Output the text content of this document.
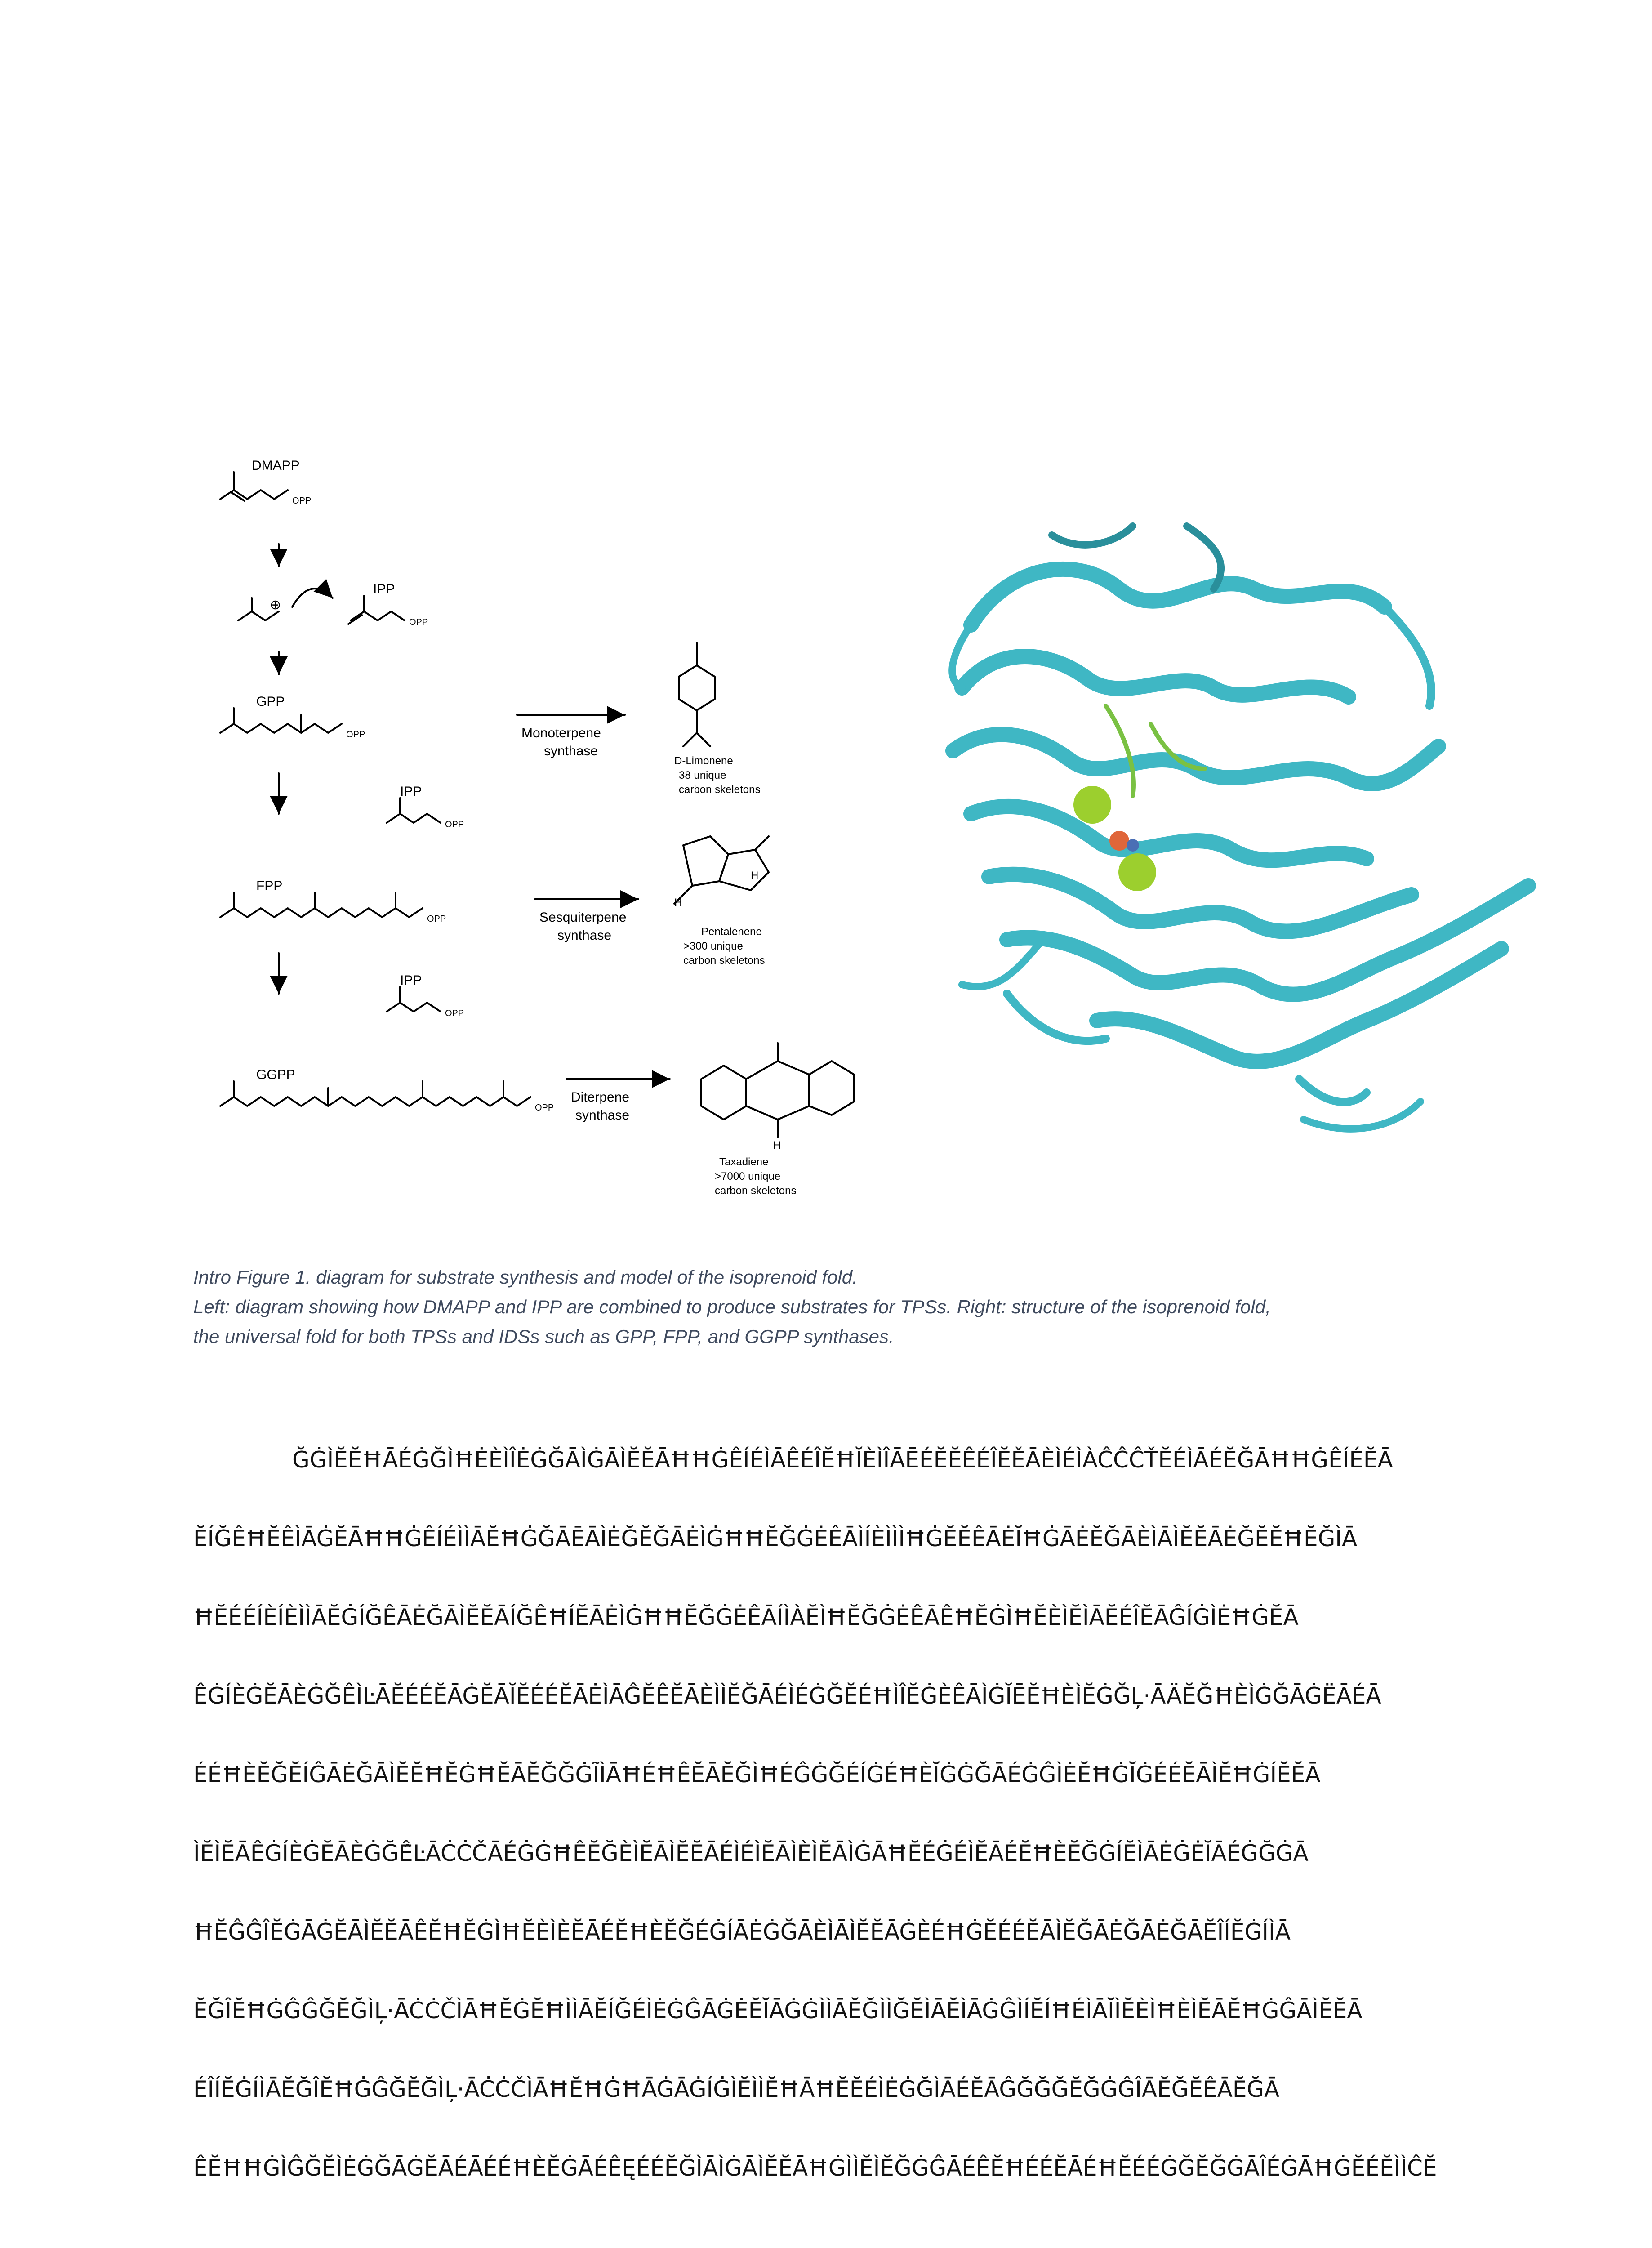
DMAPP
OPP
⊕
IPP
OPP
GPP
OPP	Monoterpene
synthase
D-Limonene
38 unique
carbon skeletons
IPP
OPP
FPP
OPP	Sesquiterpene
synthase
H
H
Pentalenene
>300 unique
carbon skeletons
IPP
OPP
GGPP
OPP
Diterpene
synthase
H
Taxadiene
>7000 unique
carbon skeletons
Intro Figure 1. diagram for substrate synthesis and model of the isoprenoid fold.
Left: diagram showing how DMAPP and IPP are combined to produce substrates for TPSs. Right: structure of the isoprenoid fold,
the universal fold for both TPSs and IDSs such as GPP, FPP, and GGPP synthases.
ĞĠÌĔĔĦĀÉĠĞÌĦĖÈÌÎĖĠĞĀÌĠĀÌĔĔĀĦĦĠÊÍÉÌĀÊÉÎĔĦĬÈÌÎĀĒÉĔĔÊÉÎĔĚĀÈÌÉÌÀĈĈĈŤĔÉÌĀÉĔĞĀĦĦĠÊÍÉĔĀ
ĔÍĞÊĦĔÊÌĀĠĔĀĦĦĠÊÍÉÌÌĀĔĦĠĞĀĒĀÌĖĞĔĞĀĖÌĠĦĦĔĞĠĖÊĀÌÍÈÌÌÌĦĠĔĔÊĀĖĬĦĠĀĖĔĞĀÈÌĀÌĔĔĀĖĞĔĔĦĔĞÌĀ
ĦĔÉÉÍÈÍÈÌÌĀĔĠÍĞÊĀĖĞĀÌĔĔĀÍĞÊĦÍĔĀĖÌĠĦĦĔĞĠĖÊĀÍÌÀĔÌĦĔĞĠĖÊĀÊĦĔĠÌĦĔÈÌĔÌĀĔÉÎĔĀĜÍĠÌĖĦĠĔĀ
ÊĠÍÈĠĔĀÈĠĞÊÌĿĀĔÉÉĔĀĠĔĀĬĔÉÉĔĀĖÌĀĜĔÊĔĀÈÌÌĔĞĀÉÌÉĠĞĔÉĦÌÎĔĠÈÊĀÌĠĬĒĔĦÈÌĔĠĞĻ·ĀÄĔĞĦÈÌĠĞĀĠËĀÉĀ
ÉÉĦÈĔĞĔÍĜĀĖĞĀÌĔĔĦĔĠĦĔĀĔĞĞĠĨÌĀĦÉĦÊĔĀĔĞÌĦÉĜĠĞÉÍĠÉĦÈĬĠĠĞĀÉĠĜÌĖĔĦĠĬĠÉÉĔĀÌĔĦĠÍĔĔĀ
ÌĔÌĔĀÊĠÍÈĠĔĀÈĠĞÊ̂ĿĀĊĊČĀÉĠĠĦÊĔĞÈÌĔĀÌĔĔĀÉÌÉÌĔĀÌÈÌĔĀÌĠĀĦĔÉĠÉÌĔĀÉĔĦÈĔĞĠÍĔÌĀĖĠĖĬĀÉĠĞĠĀ
ĦĔĜĜÎĔĠĀĠĔĀÌĔĔĀÊĔĦĔĠÌĦĔÈÌÈĔĀÉĔĦÈĔĞÉĠÍĀĖĠĞĀÈÌĀÌĔĔĀĠÈÉĦĠĔÉÉĔĀÌĔĞĀĖĞĀĖĞĀĔÎÍĔĠÍÌĀ
ĔĞÎĔĦĠĜĜĞĔĞÌĻ·ĀĊĊČÌĀĦĔĠĔĦÌÌĀĔÍĞÉÌĖĠĜĀĠĖĔĬĀĠĠÌÌĀĔĞÌÌĞĔÌĀĔÌĀĠĜÌÍĔÍĦÉÌĀĬÌĔÈÌĦÈÌĔĀĔĦĠĜĀÌĔĔĀ
ÉÎÍĔĠÍÌĀĔĞÎĔĦĠĜĞĔĞÌĻ·ĀĊĊČÌĀĦĔĦĠĦĀĠĀĠÍĠÌĔÌÌĔĦĀĦĔĔÉÌĖĠĞÌĀÉĔĀĜĞĞĞĔĞĠĜÎĀĔĞĔÊĀĔĞĀ
ÊĔĦĦĠÌĜĞĔÌĖĠĞĀĠĔĀÉĀÉÉĦÈĔĠĀÉÊĘÉÉĔĞÌĀÌĠĀÌĔĔĀĦĠÌÌĔÌĔĞĠĜĀÉÊĔĦÉÉĔĀÉĦĔÉÉĠĞĔĞĠĀÎÉĠĀĦĠĔÉĔÌÌĈĔ
